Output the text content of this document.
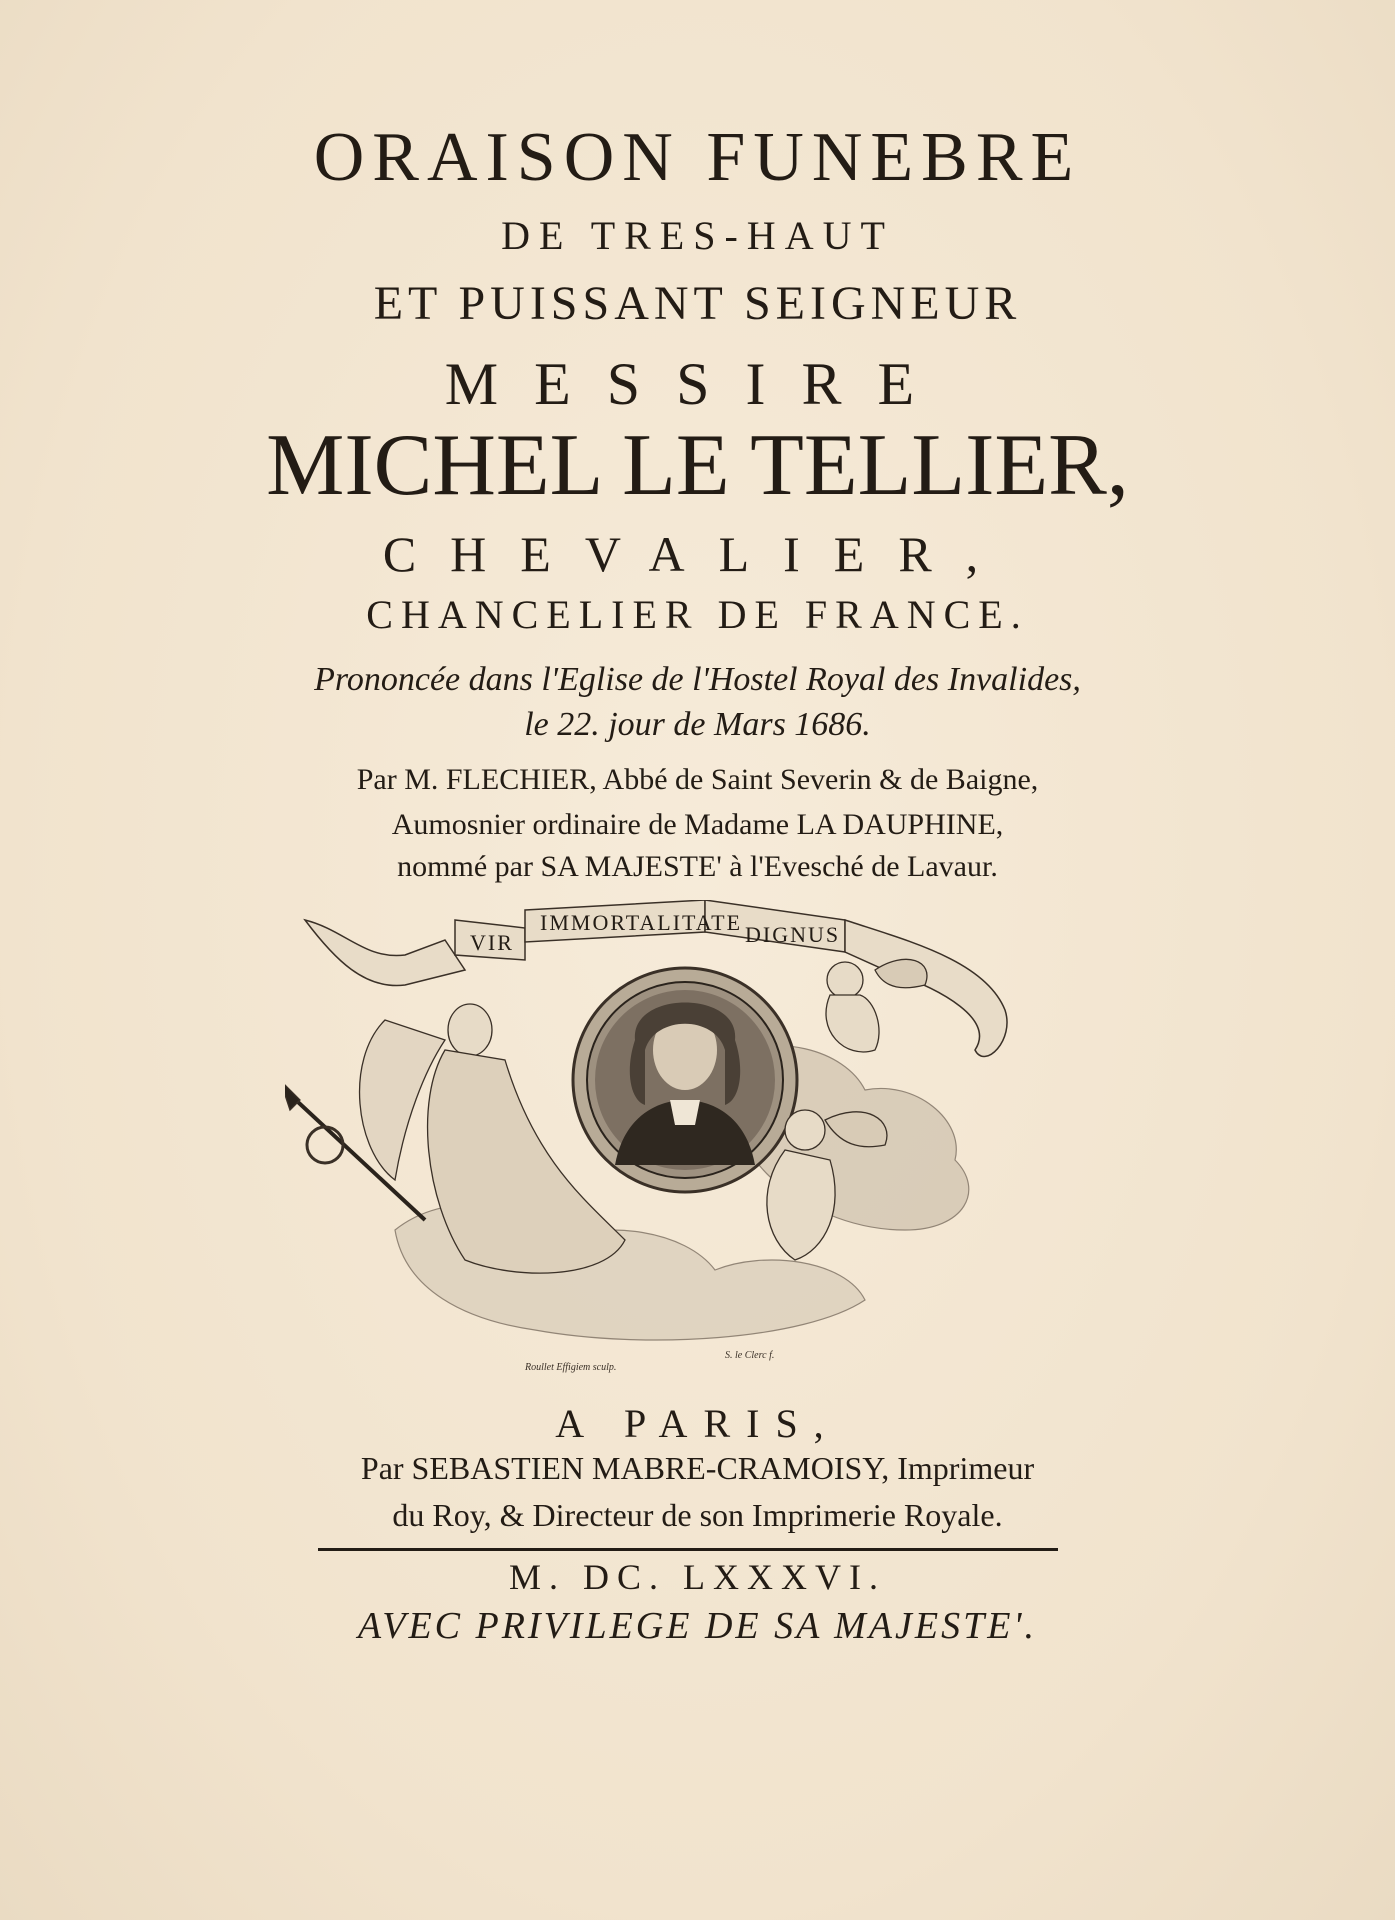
ORAISON FUNEBRE
DE TRES-HAUT
ET PUISSANT SEIGNEUR
MESSIRE
MICHEL LE TELLIER,
CHEVALIER,
CHANCELIER DE FRANCE.
Prononcée dans l'Eglise de l'Hostel Royal des Invalides,
le 22. jour de Mars 1686.
Par M. FLECHIER, Abbé de Saint Severin & de Baigne,
Aumosnier ordinaire de Madame LA DAUPHINE,
nommé par SA MAJESTE' à l'Evesché de Lavaur.
VIR
IMMORTALITATE DIGNUS
Roullet Effigiem sculp.
S. le Clerc f.
A PARIS,
Par SEBASTIEN MABRE-CRAMOISY, Imprimeur
du Roy, & Directeur de son Imprimerie Royale.
M. DC. LXXXVI.
AVEC PRIVILEGE DE SA MAJESTE'.
